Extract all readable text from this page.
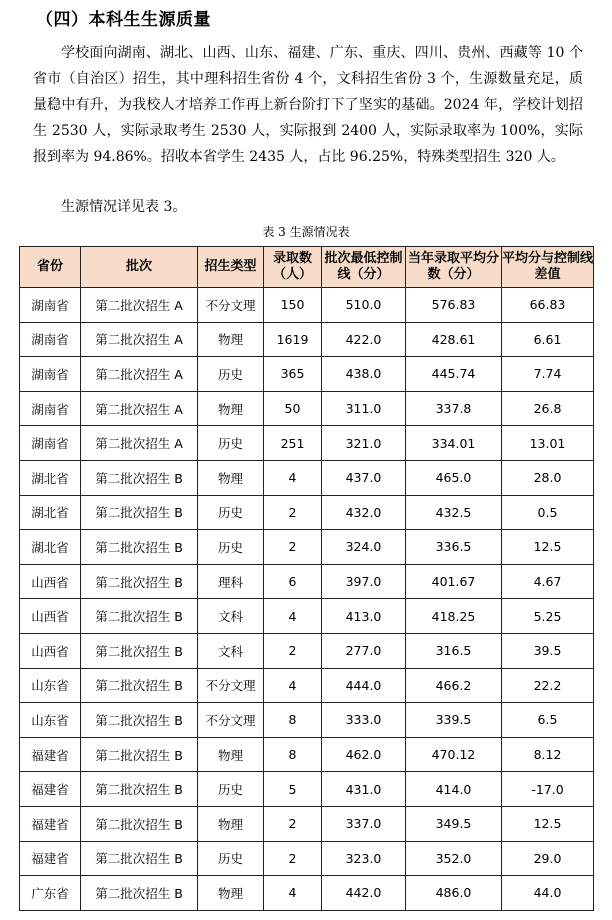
（四）本科生生源质量

学校面向湖南、湖北、山西、山东、福建、广东、重庆、四川、贵州、西藏等 10 个省市（自治区）招生，其中理科招生省份 4 个，文科招生省份 3 个，生源数量充足，质量稳中有升，为我校人才培养工作再上新台阶打下了坚实的基础。2024 年，学校计划招生 2530 人，实际录取考生 2530 人，实际报到 2400 人，实际录取率为 100%，实际报到率为 94.86%。招收本省学生 2435 人，占比 96.25%，特殊类型招生 320 人。

生源情况详见表 3。
表 3 生源情况表
省份	批次	招生类型	录取数（人）	批次最低控制线（分）	当年录取平均分数（分）	平均分与控制线差值
湖南省	第二批次招生 A	不分文理	150	510.0	576.83	66.83
湖南省	第二批次招生 A	物理	1619	422.0	428.61	6.61
湖南省	第二批次招生 A	历史	365	438.0	445.74	7.74
湖南省	第二批次招生 A	物理	50	311.0	337.8	26.8
湖南省	第二批次招生 A	历史	251	321.0	334.01	13.01
湖北省	第二批次招生 B	物理	4	437.0	465.0	28.0
湖北省	第二批次招生 B	历史	2	432.0	432.5	0.5
湖北省	第二批次招生 B	历史	2	324.0	336.5	12.5
山西省	第二批次招生 B	理科	6	397.0	401.67	4.67
山西省	第二批次招生 B	文科	4	413.0	418.25	5.25
山西省	第二批次招生 B	文科	2	277.0	316.5	39.5
山东省	第二批次招生 B	不分文理	4	444.0	466.2	22.2
山东省	第二批次招生 B	不分文理	8	333.0	339.5	6.5
福建省	第二批次招生 B	物理	8	462.0	470.12	8.12
福建省	第二批次招生 B	历史	5	431.0	414.0	-17.0
福建省	第二批次招生 B	物理	2	337.0	349.5	12.5
福建省	第二批次招生 B	历史	2	323.0	352.0	29.0
广东省	第二批次招生 B	物理	4	442.0	486.0	44.0
